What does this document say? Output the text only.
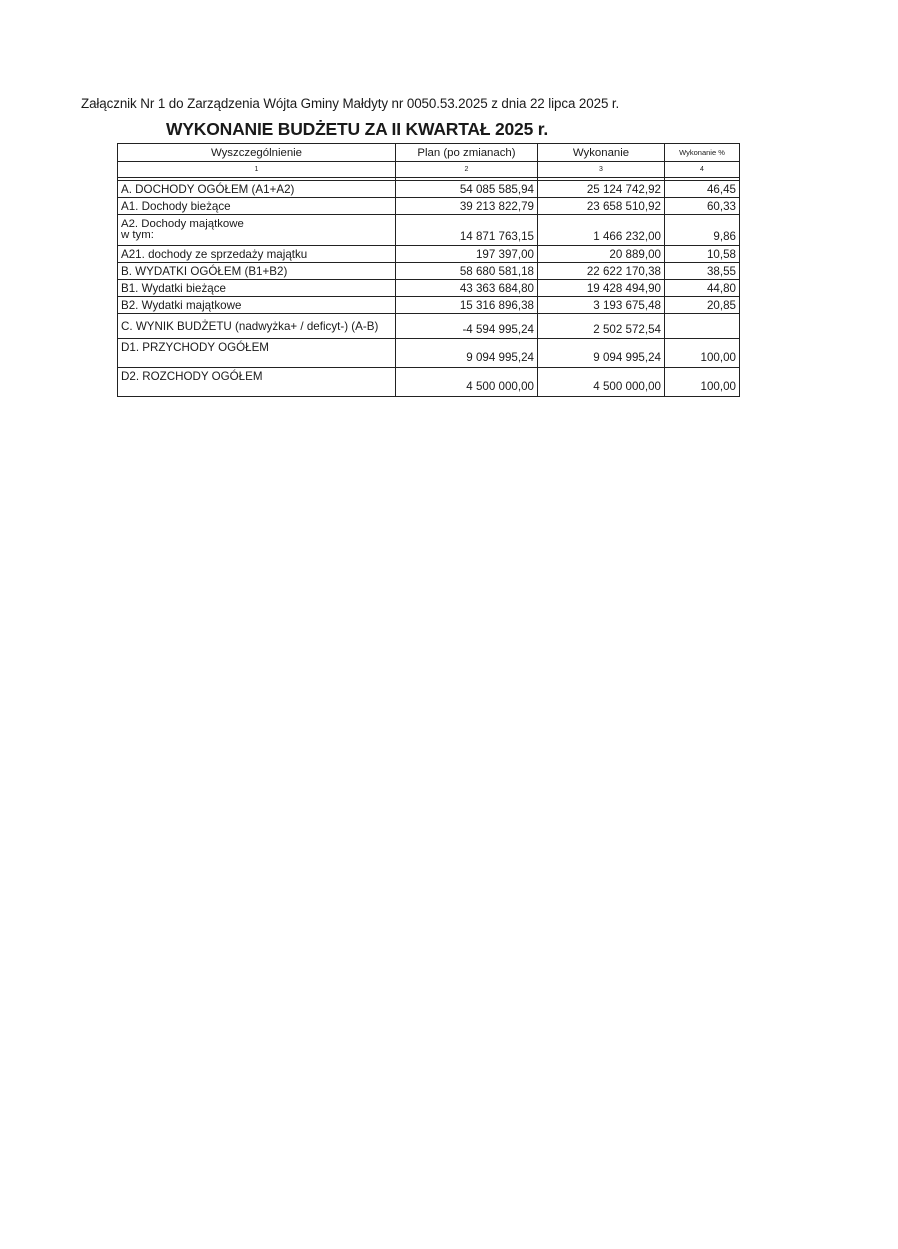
Załącznik Nr 1 do Zarządzenia Wójta Gminy Małdyty nr 0050.53.2025 z dnia 22 lipca 2025 r.
WYKONANIE BUDŻETU ZA II KWARTAŁ 2025 r.
Wyszczególnienie	Plan (po zmianach)	Wykonanie	Wykonanie %
1	2	3	4

A. DOCHODY OGÓŁEM (A1+A2)	54 085 585,94	25 124 742,92	46,45
A1. Dochody bieżące	39 213 822,79	23 658 510,92	60,33

A2. Dochody majątkowe
w tym:	14 871 763,15	1 466 232,00	9,86
A21. dochody ze sprzedaży majątku	197 397,00	20 889,00	10,58
B. WYDATKI OGÓŁEM (B1+B2)	58 680 581,18	22 622 170,38	38,55
B1. Wydatki bieżące	43 363 684,80	19 428 494,90	44,80
B2. Wydatki majątkowe	15 316 896,38	3 193 675,48	20,85
C. WYNIK BUDŻETU (nadwyżka+ / deficyt-) (A-B)	-4 594 995,24	2 502 572,54	
D1. PRZYCHODY OGÓŁEM	9 094 995,24	9 094 995,24	100,00
D2. ROZCHODY OGÓŁEM	4 500 000,00	4 500 000,00	100,00
